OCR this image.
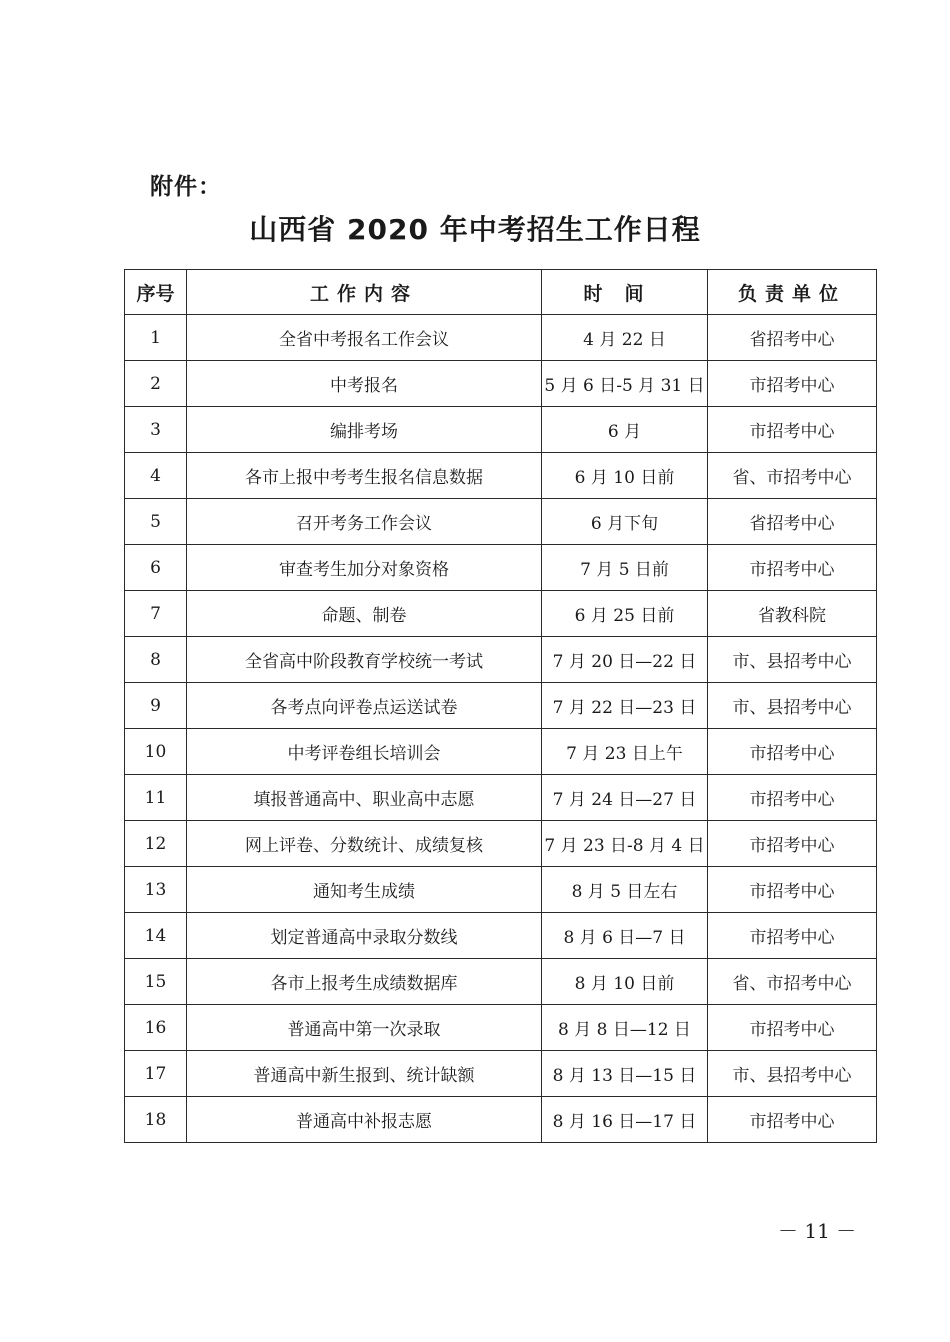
附件：
山西省 2020 年中考招生工作日程
序号	工作内容	时间	负责单位
1	全省中考报名工作会议	4 月 22 日	省招考中心
2	中考报名	5 月 6 日-5 月 31 日	市招考中心
3	编排考场	6 月	市招考中心
4	各市上报中考考生报名信息数据	6 月 10 日前	省、市招考中心
5	召开考务工作会议	6 月下旬	省招考中心
6	审查考生加分对象资格	7 月 5 日前	市招考中心
7	命题、制卷	6 月 25 日前	省教科院
8	全省高中阶段教育学校统一考试	7 月 20 日—22 日	市、县招考中心
9	各考点向评卷点运送试卷	7 月 22 日—23 日	市、县招考中心
10	中考评卷组长培训会	7 月 23 日上午	市招考中心
11	填报普通高中、职业高中志愿	7 月 24 日—27 日	市招考中心
12	网上评卷、分数统计、成绩复核	7 月 23 日-8 月 4 日	市招考中心
13	通知考生成绩	8 月 5 日左右	市招考中心
14	划定普通高中录取分数线	8 月 6 日—7 日	市招考中心
15	各市上报考生成绩数据库	8 月 10 日前	省、市招考中心
16	普通高中第一次录取	8 月 8 日—12 日	市招考中心
17	普通高中新生报到、统计缺额	8 月 13 日—15 日	市、县招考中心
18	普通高中补报志愿	8 月 16 日—17 日	市招考中心
－ 11 －
